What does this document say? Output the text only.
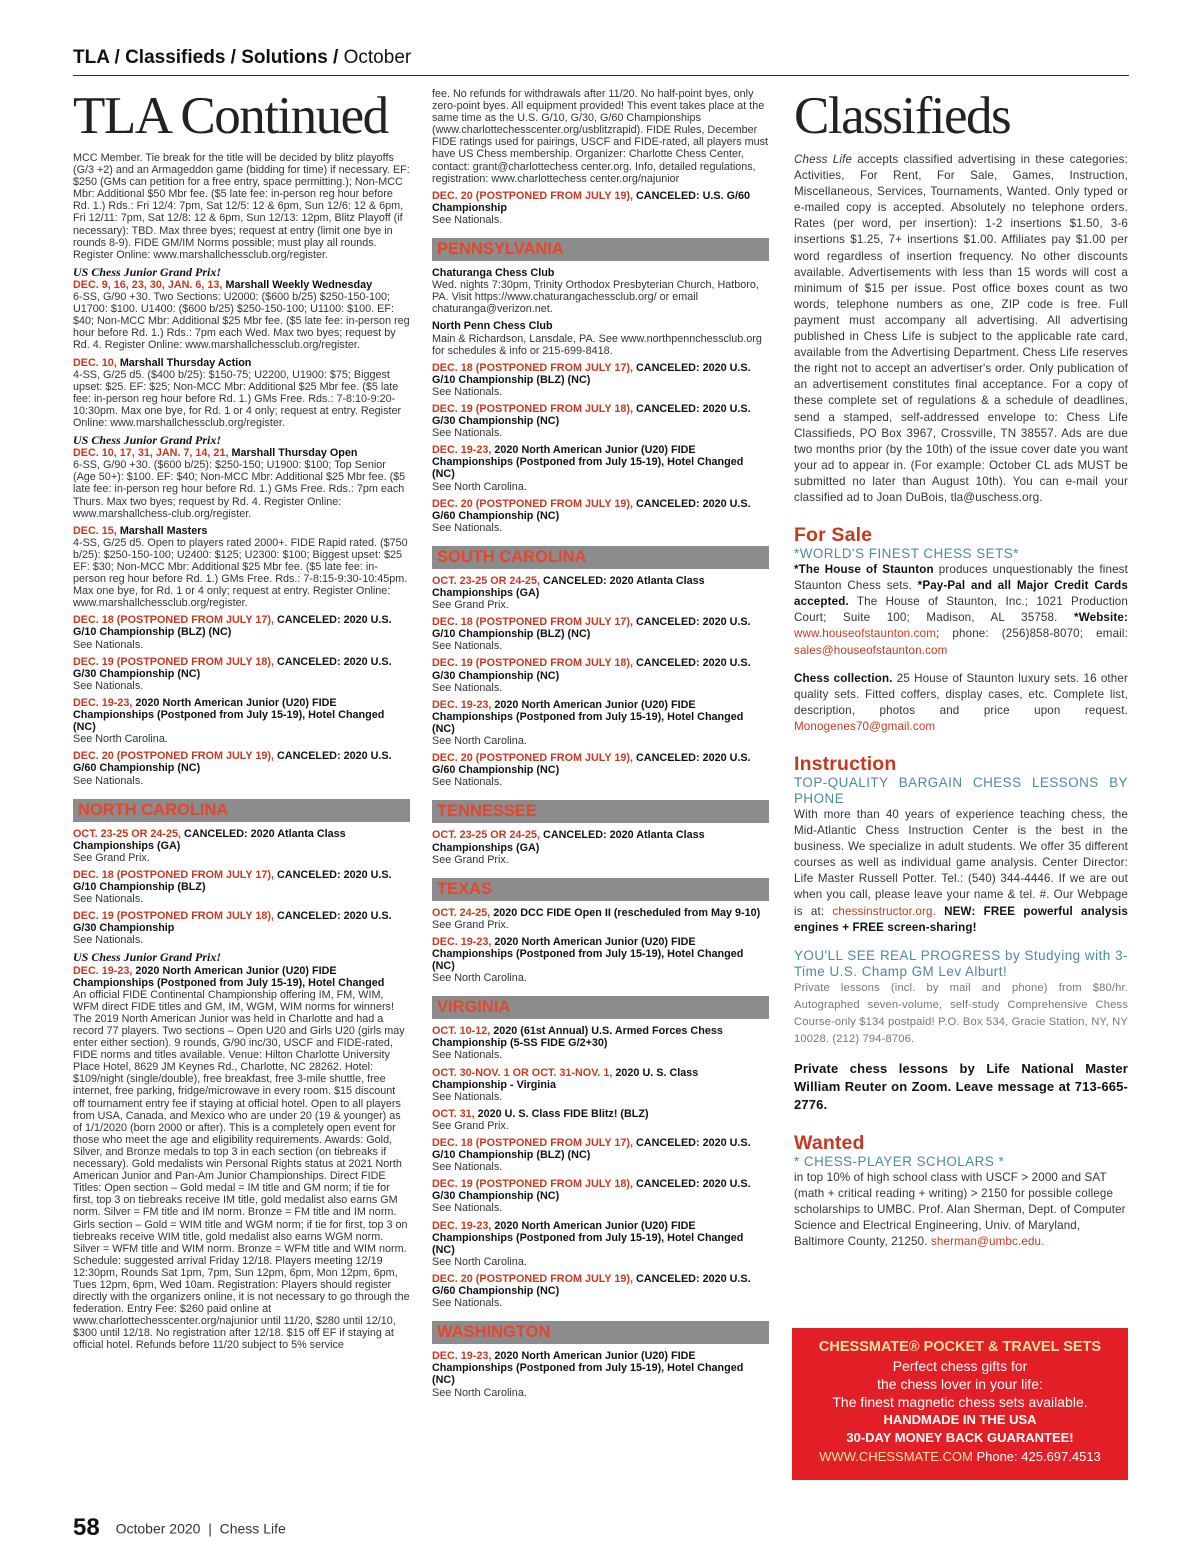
TLA / Classifieds / Solutions / October
TLA Continued

MCC Member. Tie break for the title will be decided by blitz playoffs (G/3 +2) and an Armageddon game (bidding for time) if necessary. EF: $250 (GMs can petition for a free entry, space permitting.); Non-MCC Mbr: Additional $50 Mbr fee. ($5 late fee: in-person reg hour before Rd. 1.) Rds.: Fri 12/4: 7pm, Sat 12/5: 12 & 6pm, Sun 12/6: 12 & 6pm, Fri 12/11: 7pm, Sat 12/8: 12 & 6pm, Sun 12/13: 12pm, Blitz Playoff (if necessary): TBD. Max three byes; request at entry (limit one bye in rounds 8-9). FIDE GM/IM Norms possible; must play all rounds. Register Online: www.marshallchessclub.org/register.

US Chess Junior Grand Prix!

DEC. 9, 16, 23, 30, JAN. 6, 13, Marshall Weekly Wednesday
6-SS, G/90 +30. Two Sections: U2000: ($600 b/25) $250-150-100; U1700: $100. U1400: ($600 b/25) $250-150-100; U1100: $100. EF: $40; Non-MCC Mbr: Additional $25 Mbr fee. ($5 late fee: in-person reg hour before Rd. 1.) Rds.: 7pm each Wed. Max two byes; request by Rd. 4. Register Online: www.marshallchessclub.org/register.

DEC. 10, Marshall Thursday Action
4-SS, G/25 d5. ($400 b/25): $150-75; U2200, U1900: $75; Biggest upset: $25. EF: $25; Non-MCC Mbr: Additional $25 Mbr fee. ($5 late fee: in-person reg hour before Rd. 1.) GMs Free. Rds.: 7-8:10-9:20-10:30pm. Max one bye, for Rd. 1 or 4 only; request at entry. Register Online: www.marshallchessclub.org/register.

US Chess Junior Grand Prix!

DEC. 10, 17, 31, JAN. 7, 14, 21, Marshall Thursday Open
6-SS, G/90 +30. ($600 b/25): $250-150; U1900: $100; Top Senior (Age 50+): $100. EF: $40; Non-MCC Mbr: Additional $25 Mbr fee. ($5 late fee: in-person reg hour before Rd. 1.) GMs Free. Rds.: 7pm each Thurs. Max two byes; request by Rd. 4. Register Online: www.marshallchess-club.org/register.

DEC. 15, Marshall Masters
4-SS, G/25 d5. Open to players rated 2000+. FIDE Rapid rated. ($750 b/25): $250-150-100; U2400: $125; U2300: $100; Biggest upset: $25 EF: $30; Non-MCC Mbr: Additional $25 Mbr fee. ($5 late fee: in-person reg hour before Rd. 1.) GMs Free. Rds.: 7-8:15-9:30-10:45pm. Max one bye, for Rd. 1 or 4 only; request at entry. Register Online: www.marshallchessclub.org/register.

DEC. 18 (POSTPONED FROM JULY 17), CANCELED: 2020 U.S. G/10 Championship (BLZ) (NC)
See Nationals.

DEC. 19 (POSTPONED FROM JULY 18), CANCELED: 2020 U.S. G/30 Championship (NC)
See Nationals.

DEC. 19-23, 2020 North American Junior (U20) FIDE Championships (Postponed from July 15-19), Hotel Changed (NC)
See North Carolina.

DEC. 20 (POSTPONED FROM JULY 19), CANCELED: 2020 U.S. G/60 Championship (NC)
See Nationals.

NORTH CAROLINA

OCT. 23-25 OR 24-25, CANCELED: 2020 Atlanta Class Championships (GA)
See Grand Prix.

DEC. 18 (POSTPONED FROM JULY 17), CANCELED: 2020 U.S. G/10 Championship (BLZ)
See Nationals.

DEC. 19 (POSTPONED FROM JULY 18), CANCELED: 2020 U.S. G/30 Championship
See Nationals.

US Chess Junior Grand Prix!

DEC. 19-23, 2020 North American Junior (U20) FIDE Championships (Postponed from July 15-19), Hotel Changed
An official FIDE Continental Championship offering IM, FM, WIM, WFM direct FIDE titles and GM, IM, WGM, WIM norms for winners! The 2019 North American Junior was held in Charlotte and had a record 77 players. Two sections – Open U20 and Girls U20 (girls may enter either section). 9 rounds, G/90 inc/30, USCF and FIDE-rated, FIDE norms and titles available. Venue: Hilton Charlotte University Place Hotel, 8629 JM Keynes Rd., Charlotte, NC 28262. Hotel: $109/night (single/double), free breakfast, free 3-mile shuttle, free internet, free parking, fridge/microwave in every room. $15 discount off tournament entry fee if staying at official hotel. Open to all players from USA, Canada, and Mexico who are under 20 (19 & younger) as of 1/1/2020 (born 2000 or after). This is a completely open event for those who meet the age and eligibility requirements. Awards: Gold, Silver, and Bronze medals to top 3 in each section (on tiebreaks if necessary). Gold medalists win Personal Rights status at 2021 North American Junior and Pan-Am Junior Championships. Direct FIDE Titles: Open section – Gold medal = IM title and GM norm; if tie for first, top 3 on tiebreaks receive IM title, gold medalist also earns GM norm. Silver = FM title and IM norm. Bronze = FM title and IM norm. Girls section – Gold = WIM title and WGM norm; if tie for first, top 3 on tiebreaks receive WIM title, gold medalist also earns WGM norm. Silver = WFM title and WIM norm. Bronze = WFM title and WIM norm. Schedule: suggested arrival Friday 12/18. Players meeting 12/19 12:30pm, Rounds Sat 1pm, 7pm, Sun 12pm, 6pm, Mon 12pm, 6pm, Tues 12pm, 6pm, Wed 10am. Registration: Players should register directly with the organizers online, it is not necessary to go through the federation. Entry Fee: $260 paid online at www.charlottechesscenter.org/najunior until 11/20, $280 until 12/10, $300 until 12/18. No registration after 12/18. $15 off EF if staying at official hotel. Refunds before 11/20 subject to 5% service

fee. No refunds for withdrawals after 11/20. No half-point byes, only zero-point byes. All equipment provided! This event takes place at the same time as the U.S. G/10, G/30, G/60 Championships (www.charlottechesscenter.org/usblitzrapid). FIDE Rules, December FIDE ratings used for pairings, USCF and FIDE-rated, all players must have US Chess membership. Organizer: Charlotte Chess Center, contact: grant@charlottechess center.org. Info, detailed regulations, registration: www.charlottechess center.org/najunior

DEC. 20 (POSTPONED FROM JULY 19), CANCELED: U.S. G/60 Championship
See Nationals.

PENNSYLVANIA

Chaturanga Chess Club
Wed. nights 7:30pm, Trinity Orthodox Presbyterian Church, Hatboro, PA. Visit https://www.chaturangachessclub.org/ or email chaturanga@verizon.net.

North Penn Chess Club
Main & Richardson, Lansdale, PA. See www.northpennchessclub.org for schedules & info or 215-699-8418.

DEC. 18 (POSTPONED FROM JULY 17), CANCELED: 2020 U.S. G/10 Championship (BLZ) (NC)
See Nationals.

DEC. 19 (POSTPONED FROM JULY 18), CANCELED: 2020 U.S. G/30 Championship (NC)
See Nationals.

DEC. 19-23, 2020 North American Junior (U20) FIDE Championships (Postponed from July 15-19), Hotel Changed (NC)
See North Carolina.

DEC. 20 (POSTPONED FROM JULY 19), CANCELED: 2020 U.S. G/60 Championship (NC)
See Nationals.

SOUTH CAROLINA

OCT. 23-25 OR 24-25, CANCELED: 2020 Atlanta Class Championships (GA)
See Grand Prix.

DEC. 18 (POSTPONED FROM JULY 17), CANCELED: 2020 U.S. G/10 Championship (BLZ) (NC)
See Nationals.

DEC. 19 (POSTPONED FROM JULY 18), CANCELED: 2020 U.S. G/30 Championship (NC)
See Nationals.

DEC. 19-23, 2020 North American Junior (U20) FIDE Championships (Postponed from July 15-19), Hotel Changed (NC)
See North Carolina.

DEC. 20 (POSTPONED FROM JULY 19), CANCELED: 2020 U.S. G/60 Championship (NC)
See Nationals.

TENNESSEE

OCT. 23-25 OR 24-25, CANCELED: 2020 Atlanta Class Championships (GA)
See Grand Prix.

TEXAS

OCT. 24-25, 2020 DCC FIDE Open II (rescheduled from May 9-10)
See Grand Prix.

DEC. 19-23, 2020 North American Junior (U20) FIDE Championships (Postponed from July 15-19), Hotel Changed (NC)
See North Carolina.

VIRGINIA

OCT. 10-12, 2020 (61st Annual) U.S. Armed Forces Chess Championship (5-SS FIDE G/2+30)
See Nationals.

OCT. 30-NOV. 1 OR OCT. 31-NOV. 1, 2020 U. S. Class Championship - Virginia
See Nationals.

OCT. 31, 2020 U. S. Class FIDE Blitz! (BLZ)
See Grand Prix.

DEC. 18 (POSTPONED FROM JULY 17), CANCELED: 2020 U.S. G/10 Championship (BLZ) (NC)
See Nationals.

DEC. 19 (POSTPONED FROM JULY 18), CANCELED: 2020 U.S. G/30 Championship (NC)
See Nationals.

DEC. 19-23, 2020 North American Junior (U20) FIDE Championships (Postponed from July 15-19), Hotel Changed (NC)
See North Carolina.

DEC. 20 (POSTPONED FROM JULY 19), CANCELED: 2020 U.S. G/60 Championship (NC)
See Nationals.

WASHINGTON

DEC. 19-23, 2020 North American Junior (U20) FIDE Championships (Postponed from July 15-19), Hotel Changed (NC)
See North Carolina.

Classifieds

Chess Life accepts classified advertising in these categories: Activities, For Rent, For Sale, Games, Instruction, Miscellaneous, Services, Tournaments, Wanted. Only typed or e-mailed copy is accepted. Absolutely no telephone orders. Rates (per word, per insertion): 1-2 insertions $1.50, 3-6 insertions $1.25, 7+ insertions $1.00. Affiliates pay $1.00 per word regardless of insertion frequency. No other discounts available. Advertisements with less than 15 words will cost a minimum of $15 per issue. Post office boxes count as two words, telephone numbers as one, ZIP code is free. Full payment must accompany all advertising. All advertising published in Chess Life is subject to the applicable rate card, available from the Advertising Department. Chess Life reserves the right not to accept an advertiser's order. Only publication of an advertisement constitutes final acceptance. For a copy of these complete set of regulations & a schedule of deadlines, send a stamped, self-addressed envelope to: Chess Life Classifieds, PO Box 3967, Crossville, TN 38557. Ads are due two months prior (by the 10th) of the issue cover date you want your ad to appear in. (For example: October CL ads MUST be submitted no later than August 10th). You can e-mail your classified ad to Joan DuBois, tla@uschess.org.

For Sale
*WORLD'S FINEST CHESS SETS*

*The House of Staunton produces unquestionably the finest Staunton Chess sets. *Pay-Pal and all Major Credit Cards accepted. The House of Staunton, Inc.; 1021 Production Court; Suite 100; Madison, AL 35758. *Website: www.houseofstaunton.com; phone: (256)858-8070; email: sales@houseofstaunton.com

Chess collection. 25 House of Staunton luxury sets. 16 other quality sets. Fitted coffers, display cases, etc. Complete list, description, photos and price upon request. Monogenes70@gmail.com

Instruction
TOP-QUALITY BARGAIN CHESS LESSONS BY PHONE

With more than 40 years of experience teaching chess, the Mid-Atlantic Chess Instruction Center is the best in the business. We specialize in adult students. We offer 35 different courses as well as individual game analysis. Center Director: Life Master Russell Potter. Tel.: (540) 344-4446. If we are out when you call, please leave your name & tel. #. Our Webpage is at: chessinstructor.org. NEW: FREE powerful analysis engines + FREE screen-sharing!

YOU'LL SEE REAL PROGRESS by Studying with 3-Time U.S. Champ GM Lev Alburt!

Private lessons (incl. by mail and phone) from $80/hr. Autographed seven-volume, self-study Comprehensive Chess Course-only $134 postpaid! P.O. Box 534, Gracie Station, NY, NY 10028. (212) 794-8706.

Private chess lessons by Life National Master William Reuter on Zoom. Leave message at 713-665-2776.

Wanted
* CHESS-PLAYER SCHOLARS *

in top 10% of high school class with USCF > 2000 and SAT (math + critical reading + writing) > 2150 for possible college scholarships to UMBC. Prof. Alan Sherman, Dept. of Computer Science and Electrical Engineering, Univ. of Maryland, Baltimore County, 21250. sherman@umbc.edu.

CHESSMATE® POCKET & TRAVEL SETS
Perfect chess gifts for
the chess lover in your life:
The finest magnetic chess sets available.
HANDMADE IN THE USA
30-DAY MONEY BACK GUARANTEE!
WWW.CHESSMATE.COM Phone: 425.697.4513
58 October 2020  |  Chess Life
